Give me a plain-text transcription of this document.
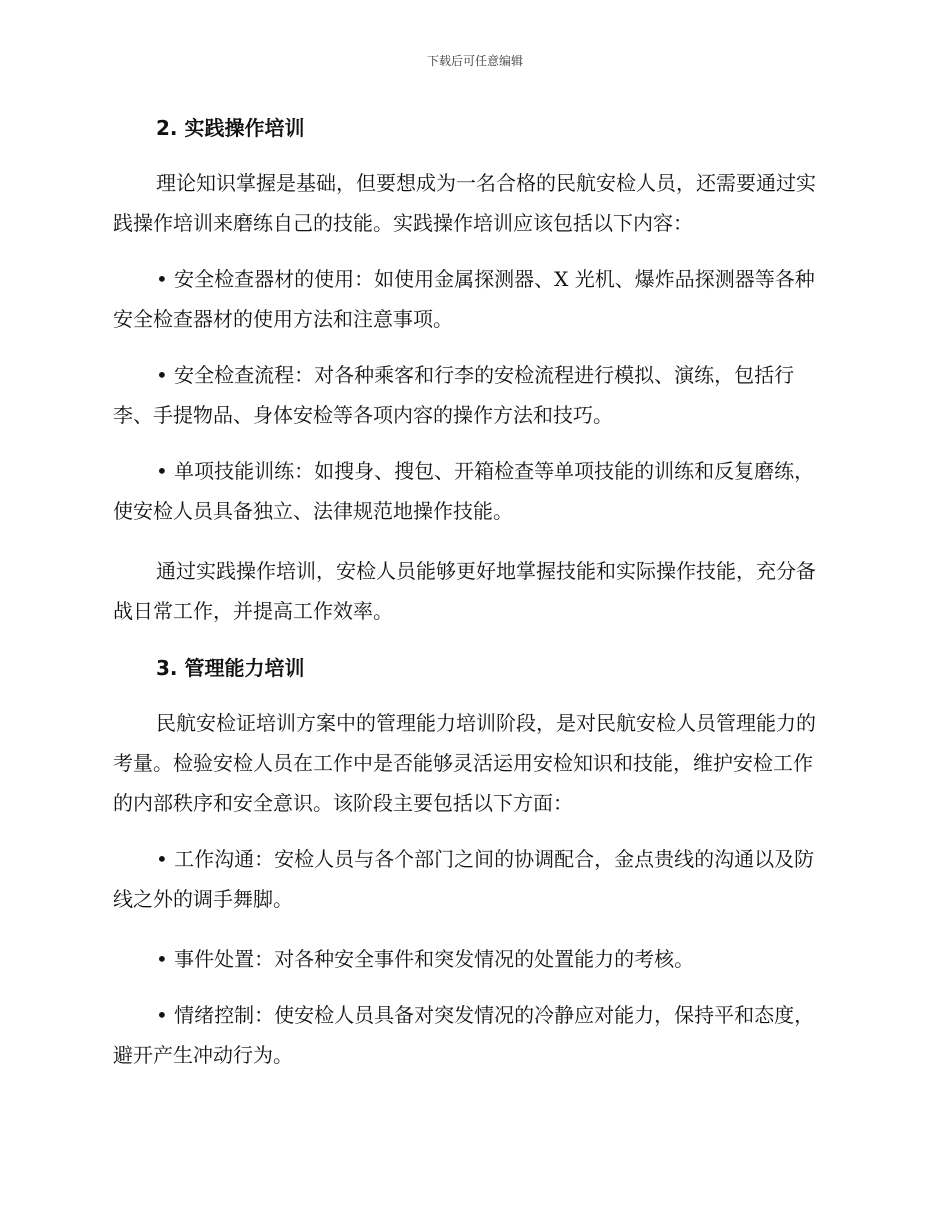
下载后可任意编辑
2. 实践操作培训

理论知识掌握是基础，但要想成为一名合格的民航安检人员，还需要通过实践操作培训来磨练自己的技能。实践操作培训应该包括以下内容：

• 安全检查器材的使用：如使用金属探测器、X 光机、爆炸品探测器等各种安全检查器材的使用方法和注意事项。

• 安全检查流程：对各种乘客和行李的安检流程进行模拟、演练，包括行李、手提物品、身体安检等各项内容的操作方法和技巧。

• 单项技能训练：如搜身、搜包、开箱检查等单项技能的训练和反复磨练，使安检人员具备独立、法律规范地操作技能。

通过实践操作培训，安检人员能够更好地掌握技能和实际操作技能，充分备战日常工作，并提高工作效率。

3. 管理能力培训

民航安检证培训方案中的管理能力培训阶段，是对民航安检人员管理能力的考量。检验安检人员在工作中是否能够灵活运用安检知识和技能，维护安检工作的内部秩序和安全意识。该阶段主要包括以下方面：

• 工作沟通：安检人员与各个部门之间的协调配合，金点贵线的沟通以及防线之外的调手舞脚。

• 事件处置：对各种安全事件和突发情况的处置能力的考核。

• 情绪控制：使安检人员具备对突发情况的冷静应对能力，保持平和态度，避开产生冲动行为。
